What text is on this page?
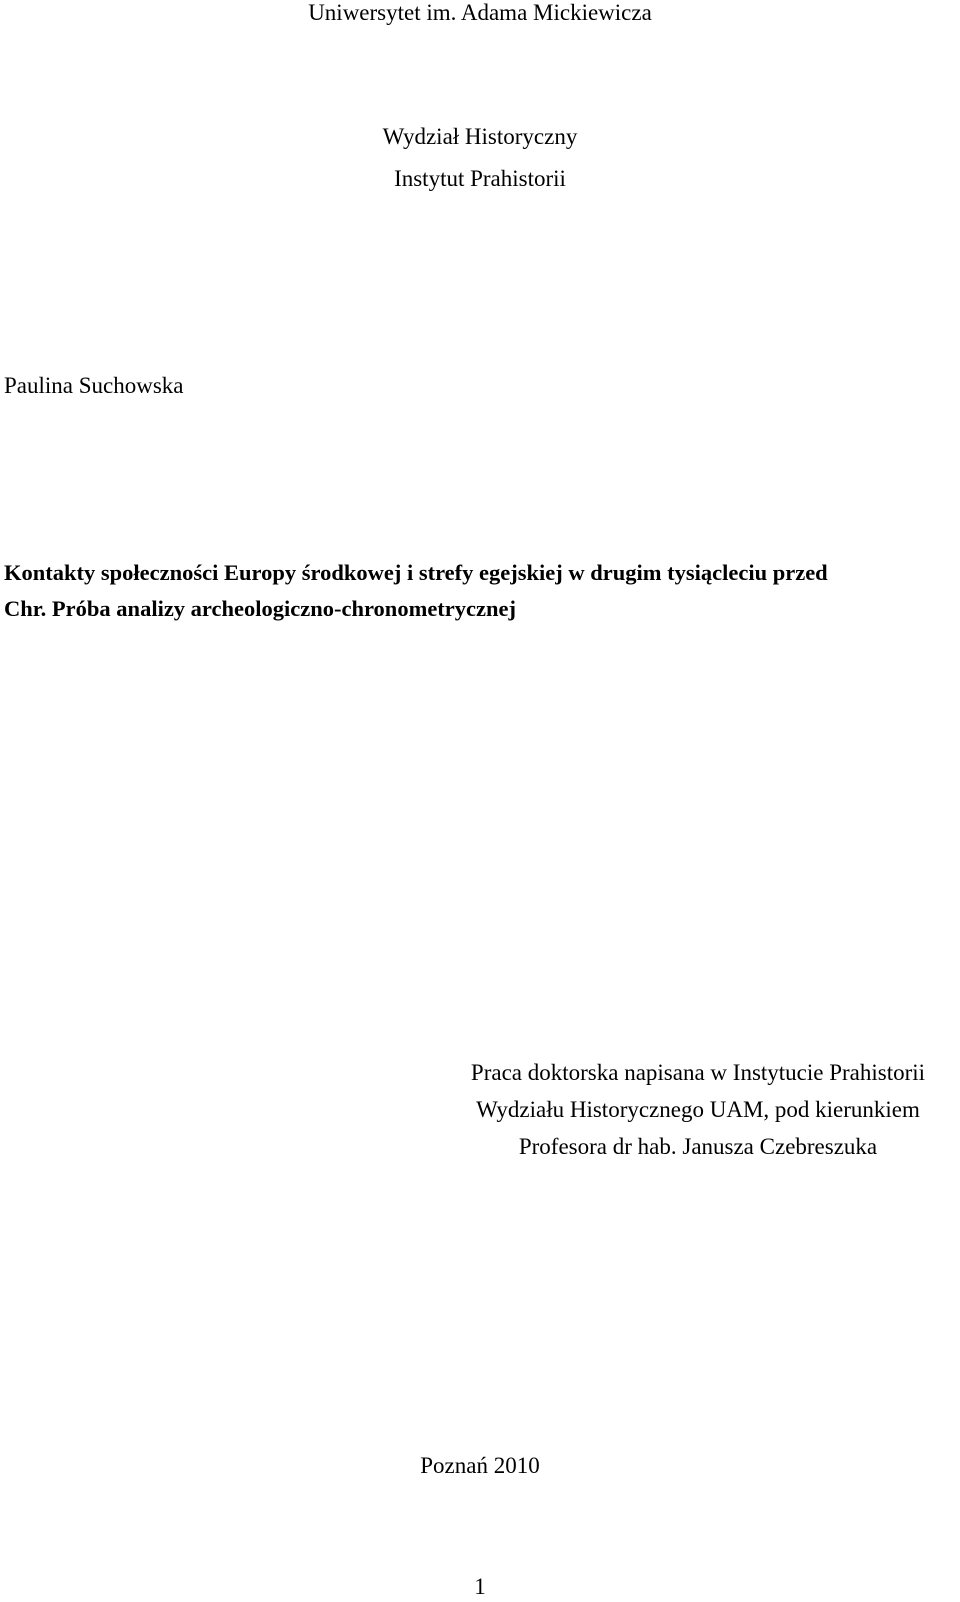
Uniwersytet im. Adama Mickiewicza
Wydział Historyczny
Instytut Prahistorii
Paulina Suchowska
Kontakty społeczności Europy środkowej i strefy egejskiej w drugim tysiącleciu przed
Chr. Próba analizy archeologiczno-chronometrycznej
Praca doktorska napisana w Instytucie Prahistorii
Wydziału Historycznego UAM, pod kierunkiem
Profesora dr hab. Janusza Czebreszuka
Poznań 2010
1
